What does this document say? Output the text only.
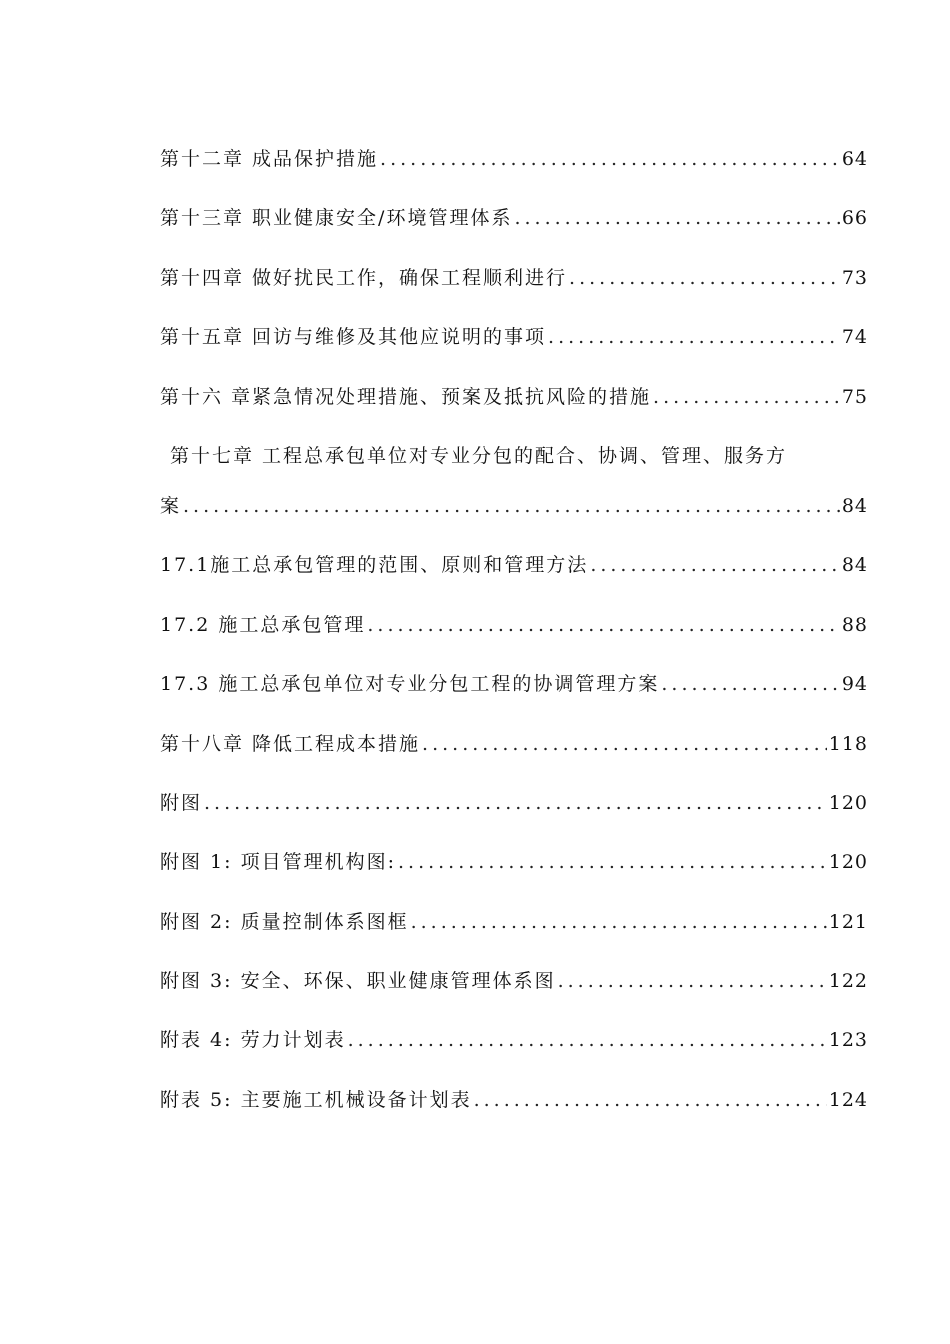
第十二章 成品保护措施 .....	64
第十三章 职业健康安全/环境管理体系 .....	66
第十四章 做好扰民工作，确保工程顺利进行 .....	73
第十五章 回访与维修及其他应说明的事项 .....	74
第十六 章紧急情况处理措施、预案及抵抗风险的措施 .....	75
第十七章 工程总承包单位对专业分包的配合、协调、管理、服务方
案 .....	84
17.1施工总承包管理的范围、原则和管理方法 .....	84
17.2 施工总承包管理 .....	88
17.3 施工总承包单位对专业分包工程的协调管理方案 .....	94
第十八章 降低工程成本措施 .....	118
附图 .....	120
附图 1: 项目管理机构图: .....	120
附图 2: 质量控制体系图框 .....	121
附图 3: 安全、环保、职业健康管理体系图 .....	122
附表 4: 劳力计划表 .....	123
附表 5: 主要施工机械设备计划表 .....	124
